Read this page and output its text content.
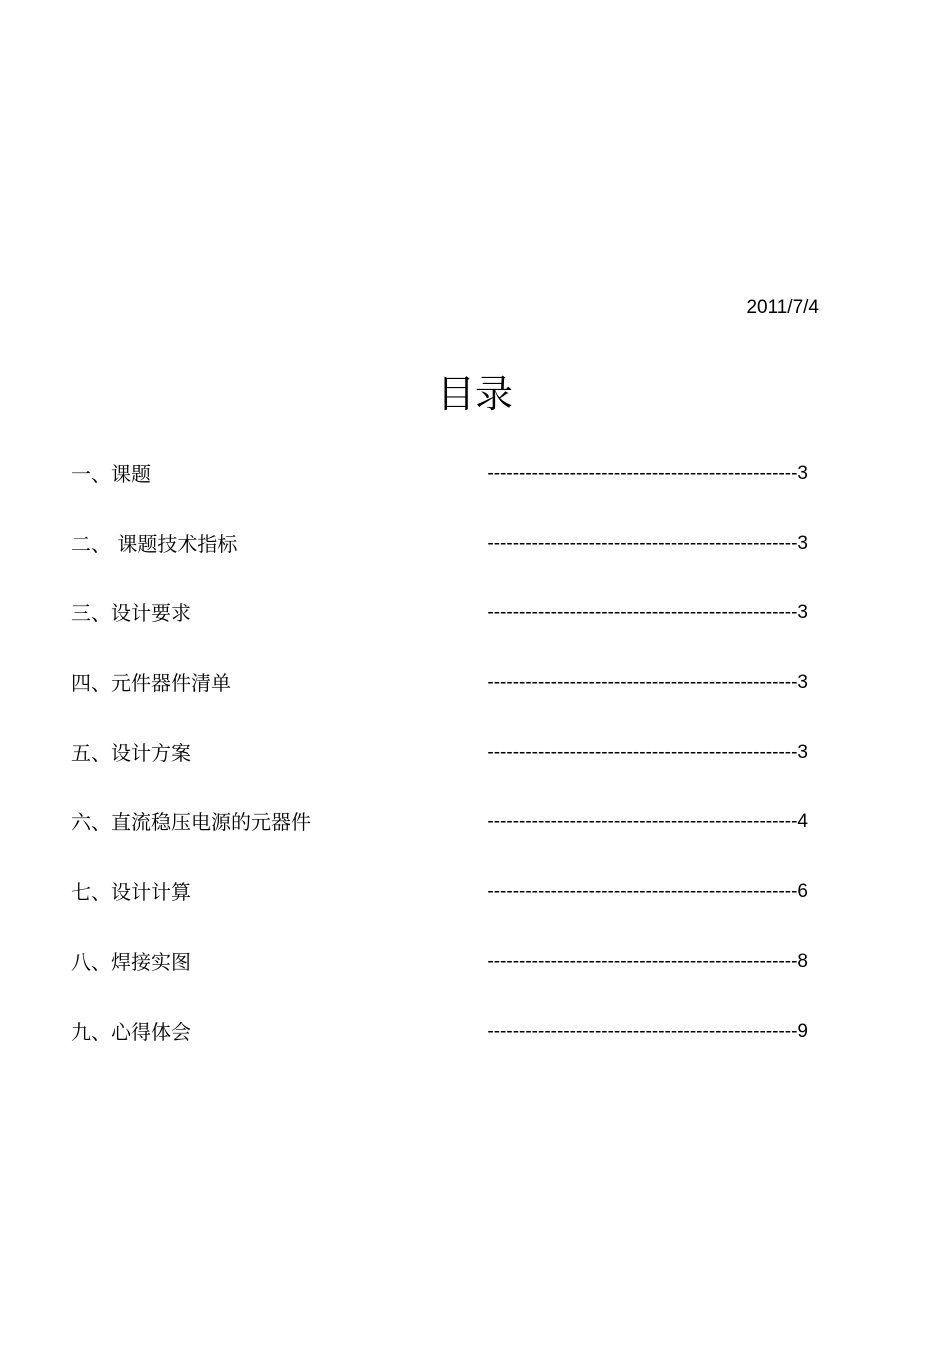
2011/7/4
目录
一、课题	-------------------------------------------------3
二、 课题技术指标	-------------------------------------------------3
三、设计要求	-------------------------------------------------3
四、元件器件清单	-------------------------------------------------3
五、设计方案	-------------------------------------------------3
六、直流稳压电源的元器件	-------------------------------------------------4
七、设计计算	-------------------------------------------------6
八、焊接实图	-------------------------------------------------8
九、心得体会	-------------------------------------------------9
